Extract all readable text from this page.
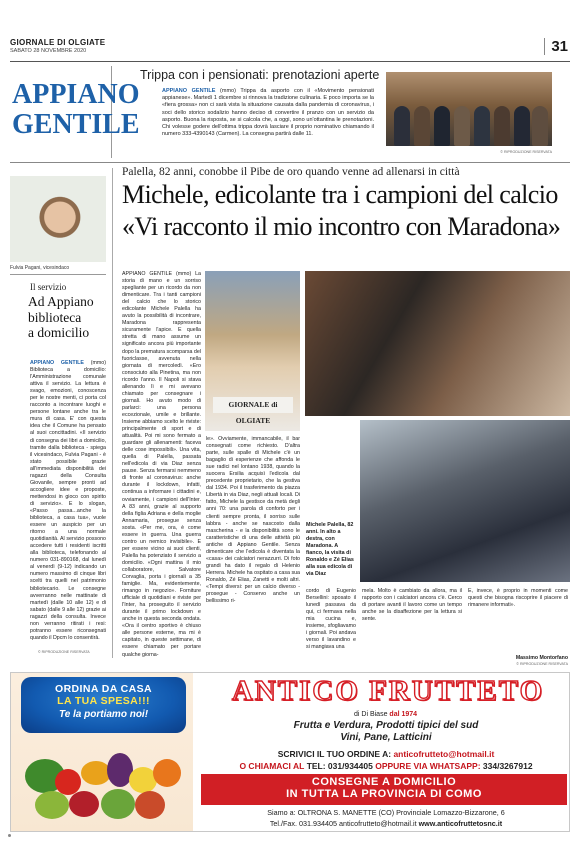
GIORNALE DI OLGIATE
SABATO 28 NOVEMBRE 2020	31
APPIANO
GENTILE
Trippa con i pensionati: prenotazioni aperte
APPIANO GENTILE (mmo) Trippa da asporto con il «Movimento pensionati appianese». Martedì 1 dicembre si rinnova la tradizione culinaria. E poco importa se la «fiera grossa» non ci sarà vista la situazione causata dalla pandemia di coronavirus, i soci dello storico sodalizio hanno deciso di convertire il pranzo con un servizio da asporto. Buona la risposta, se si calcola che, a oggi, sono un'ottantina le prenotazioni. Chi volesse godere dell'ottima trippa dovrà lasciare il proprio nominativo chiamando il numero 333-4390143 (Carmen). La consegna partirà dalle 11.
© RIPRODUZIONE RISERVATA
Fulvia Pagani, vicesindaco
Il servizio
Ad Appiano
biblioteca
a domicilio
APPIANO GENTILE (mmo) Biblioteca a domicilio: l'Amministrazione comunale attiva il servizio. La lettura è svago, emozioni, conoscenza per le nostre menti, ci porta col racconto a incontrare luoghi e persone lontane anche tra le mura di casa. E' con questa idea che il Comune ha pensato al suoi concittadini. «Il servizio di consegna dei libri a domicilio, tramite dalla biblioteca - spiega il vicesindaco, Fulvia Pagani - è stato possibile grazie all'immediata disponibilità dei ragazzi della Consulta Giovanile, sempre pronti ad accogliere idee e proposte, mettendosi in gioco con spirito di servizio». E lo slogan, «Passo passa...anche la biblioteca, a casa tua», vuole essere un auspicio per un ritorno a una normale quotidianità. Al servizio possono accedere tutti i residenti iscritti alla biblioteca, telefonando al numero 031-890168, dal lunedì al venerdì (9-12) indicando un numero massimo di cinque libri scelti tra quelli nel patrimonio bibliotecario. Le consegne avverranno nelle mattinate di martedì (dalle 10 alle 12) e di sabato (dalle 9 alle 12) grazie ai ragazzi della consulta. Invece non verranno ritirati i resi: potranno essere riconsegnati quando il Dpcm lo consentirà.
© RIPRODUZIONE RISERVATA
Palella, 82 anni, conobbe il Pibe de oro quando venne ad allenarsi in città
Michele, edicolante tra i campioni del calcio
«Vi racconto il mio incontro con Maradona»
APPIANO GENTILE (mmo) La storia di mano e un sorriso spegliante per un ricordo da non dimenticare. Tra i tanti campioni del calcio che lo storico edicolante Michele Palella ha avuto la possibilità di incontrare, Maradona rappresenta sicuramente l'apice. E quella stretta di mano assume un significato ancora più importante dopo la prematura scomparsa del fuoriclasse, avvenuta nella giornata di mercoledì. «Ero consociuto alla Pinetina, ma non ricordo l'anno. Il Napoli si stava allenando lì e mi avevano chiamato per consegnare i giornali. Ho avuto modo di parlarci: una persona eccezionale, umile e brillante. Insieme abbiamo scelto le riviste: principalmente di sport e di attualità. Poi mi sono fermato a guardare gli allenamenti: faceva delle cose impossibili». Una vita, quella di Palella, passata nell'edicola di via Diaz senza pause. Senza fermarsi nemmeno di fronte al coronavirus: anche durante il lockdown, infatti, continua a informare i cittadini e, ovviamente, i campioni dell'Inter. A 83 anni, grazie al supporto della figlia Adriana e della moglie Annamaria, prosegue senza sosta. «Per me, ora, è come essere in guerra. Una guerra contro un nemico invisibile». E per essere vicino ai suoi clienti, Palella ha potenziato il servizio a domicilio. «Ogni mattina il mio collaboratore, Salvatore Corvaglia, porta i giornali a 35 famiglie. Ma, evidentemente, rimango in negozio». Forniture ufficiale di quotidiani e riviste per l'Inter, ha proseguito il servizio durante il primo lockdown e anche in questa seconda ondata. «Ora il centro sportivo è chiuso alle persone esterne, ma mi è capitato, in queste settimane, di essere chiamato per portare qualche giorna-
le». Ovviamente, immancabile, il bar consegnati come richiesto. D'altra parte, sulle spalle di Michele c'è un bagaglio di esperienze che affonda le sue radici nel lontano 1938, quando la suocera Ersilia acquisì l'edicola dal precedente proprietario, che la gestiva dal 1934. Poi il trasferimento da piazza Libertà in via Diaz, negli attuali locali. Di fatto, Michele la gestisce da metà degli anni 70: una parola di conforto per i clienti sempre pronta, il sorriso sulle labbra - anche se nascosto dalla mascherina - e la disponibilità sono le caratteristiche di una delle attività più antiche di Appiano Gentile. Senza dimenticare che l'edicola è diventata la «casa» dei calciatori nerazzurri. Di foto grandi ha dato il regalo di Helenio Herrera. Michele ha ospitato a casa sua Ronaldo, Zé Elias, Zanetti e molti altri. «Tempi diversi: per un calcio diverso - prosegue - Conservo anche un bellissimo ri-
GIORNALE di OLGIATE
Michele Palella, 82 anni. In alto a destra, con Maradona. A fianco, la visita di Ronaldo e Zé Elias alla sua edicola di via Diaz
cordo di Eugenio Bersellini: sposato il lunedì passava da qui, ci fermava nella mia cucina e, insieme, sfogliavamo i giornali. Poi andava verso il lavandino e si mangiava una
mela. Molto è cambiato da allora, ma il rapporto con i calciatori ancora c'è. Cerco di portare avanti il lavoro come un tempo anche se la disaffezione per la lettura si sente.
E, invece, è proprio in momenti come questi che bisogna riscoprire il piacere di rimanere informati».
Massimo Montorfano
© RIPRODUZIONE RISERVATA
ORDINA DA CASA
LA TUA SPESA!!!
Te la portiamo noi!
ANTICO FRUTTETO
di Di Biase dal 1974
Frutta e Verdura, Prodotti tipici del sud
Vini, Pane, Latticini
SCRIVICI IL TUO ORDINE A: anticofrutteto@hotmail.it
O CHIAMACI AL TEL: 031/934405 OPPURE VIA WHATSAPP: 334/3267912
CONSEGNE A DOMICILIO
IN TUTTA LA PROVINCIA DI COMO
Siamo a: OLTRONA S. MANETTE (CO) Provinciale Lomazzo-Bizzarone, 6
Tel./Fax. 031.934405 anticofrutteto@hotmail.it www.anticofruttetosnc.it
